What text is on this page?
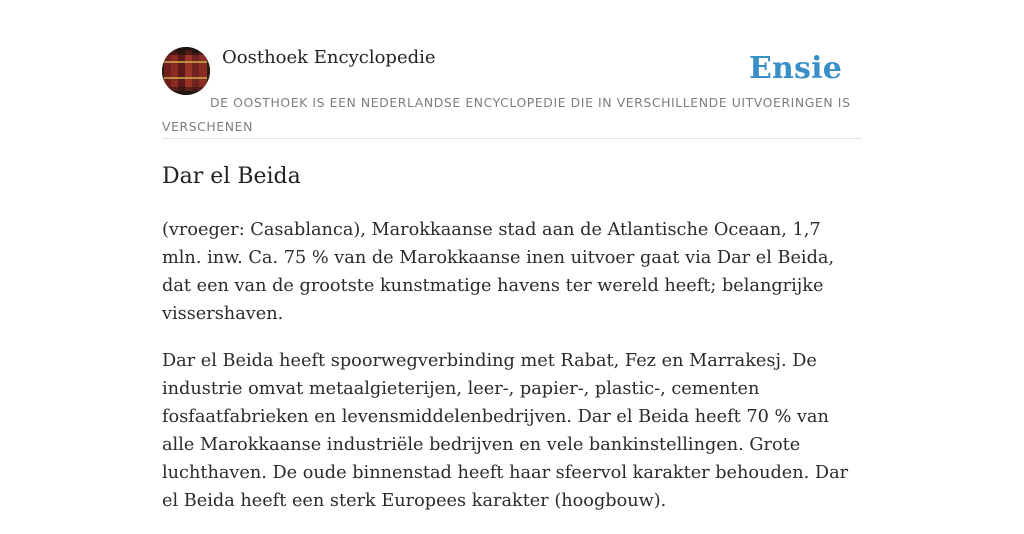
Oosthoek Encyclopedie	Ensie
DE OOSTHOEK IS EEN NEDERLANDSE ENCYCLOPEDIE DIE IN VERSCHILLENDE UITVOERINGEN IS VERSCHENEN
Dar el Beida

(vroeger: Casablanca), Marokkaanse stad aan de Atlantische Oceaan, 1,7 mln. inw. Ca. 75 % van de Marokkaanse inen uitvoer gaat via Dar el Beida, dat een van de grootste kunstmatige havens ter wereld heeft; belangrijke vissershaven.

Dar el Beida heeft spoorwegverbinding met Rabat, Fez en Marrakesj. De industrie omvat metaalgieterijen, leer-, papier-, plastic-, cementen fosfaatfabrieken en levensmiddelenbedrijven. Dar el Beida heeft 70 % van alle Marokkaanse industriële bedrijven en vele bankinstellingen. Grote luchthaven. De oude binnenstad heeft haar sfeervol karakter behouden. Dar el Beida heeft een sterk Europees karakter (hoogbouw).
